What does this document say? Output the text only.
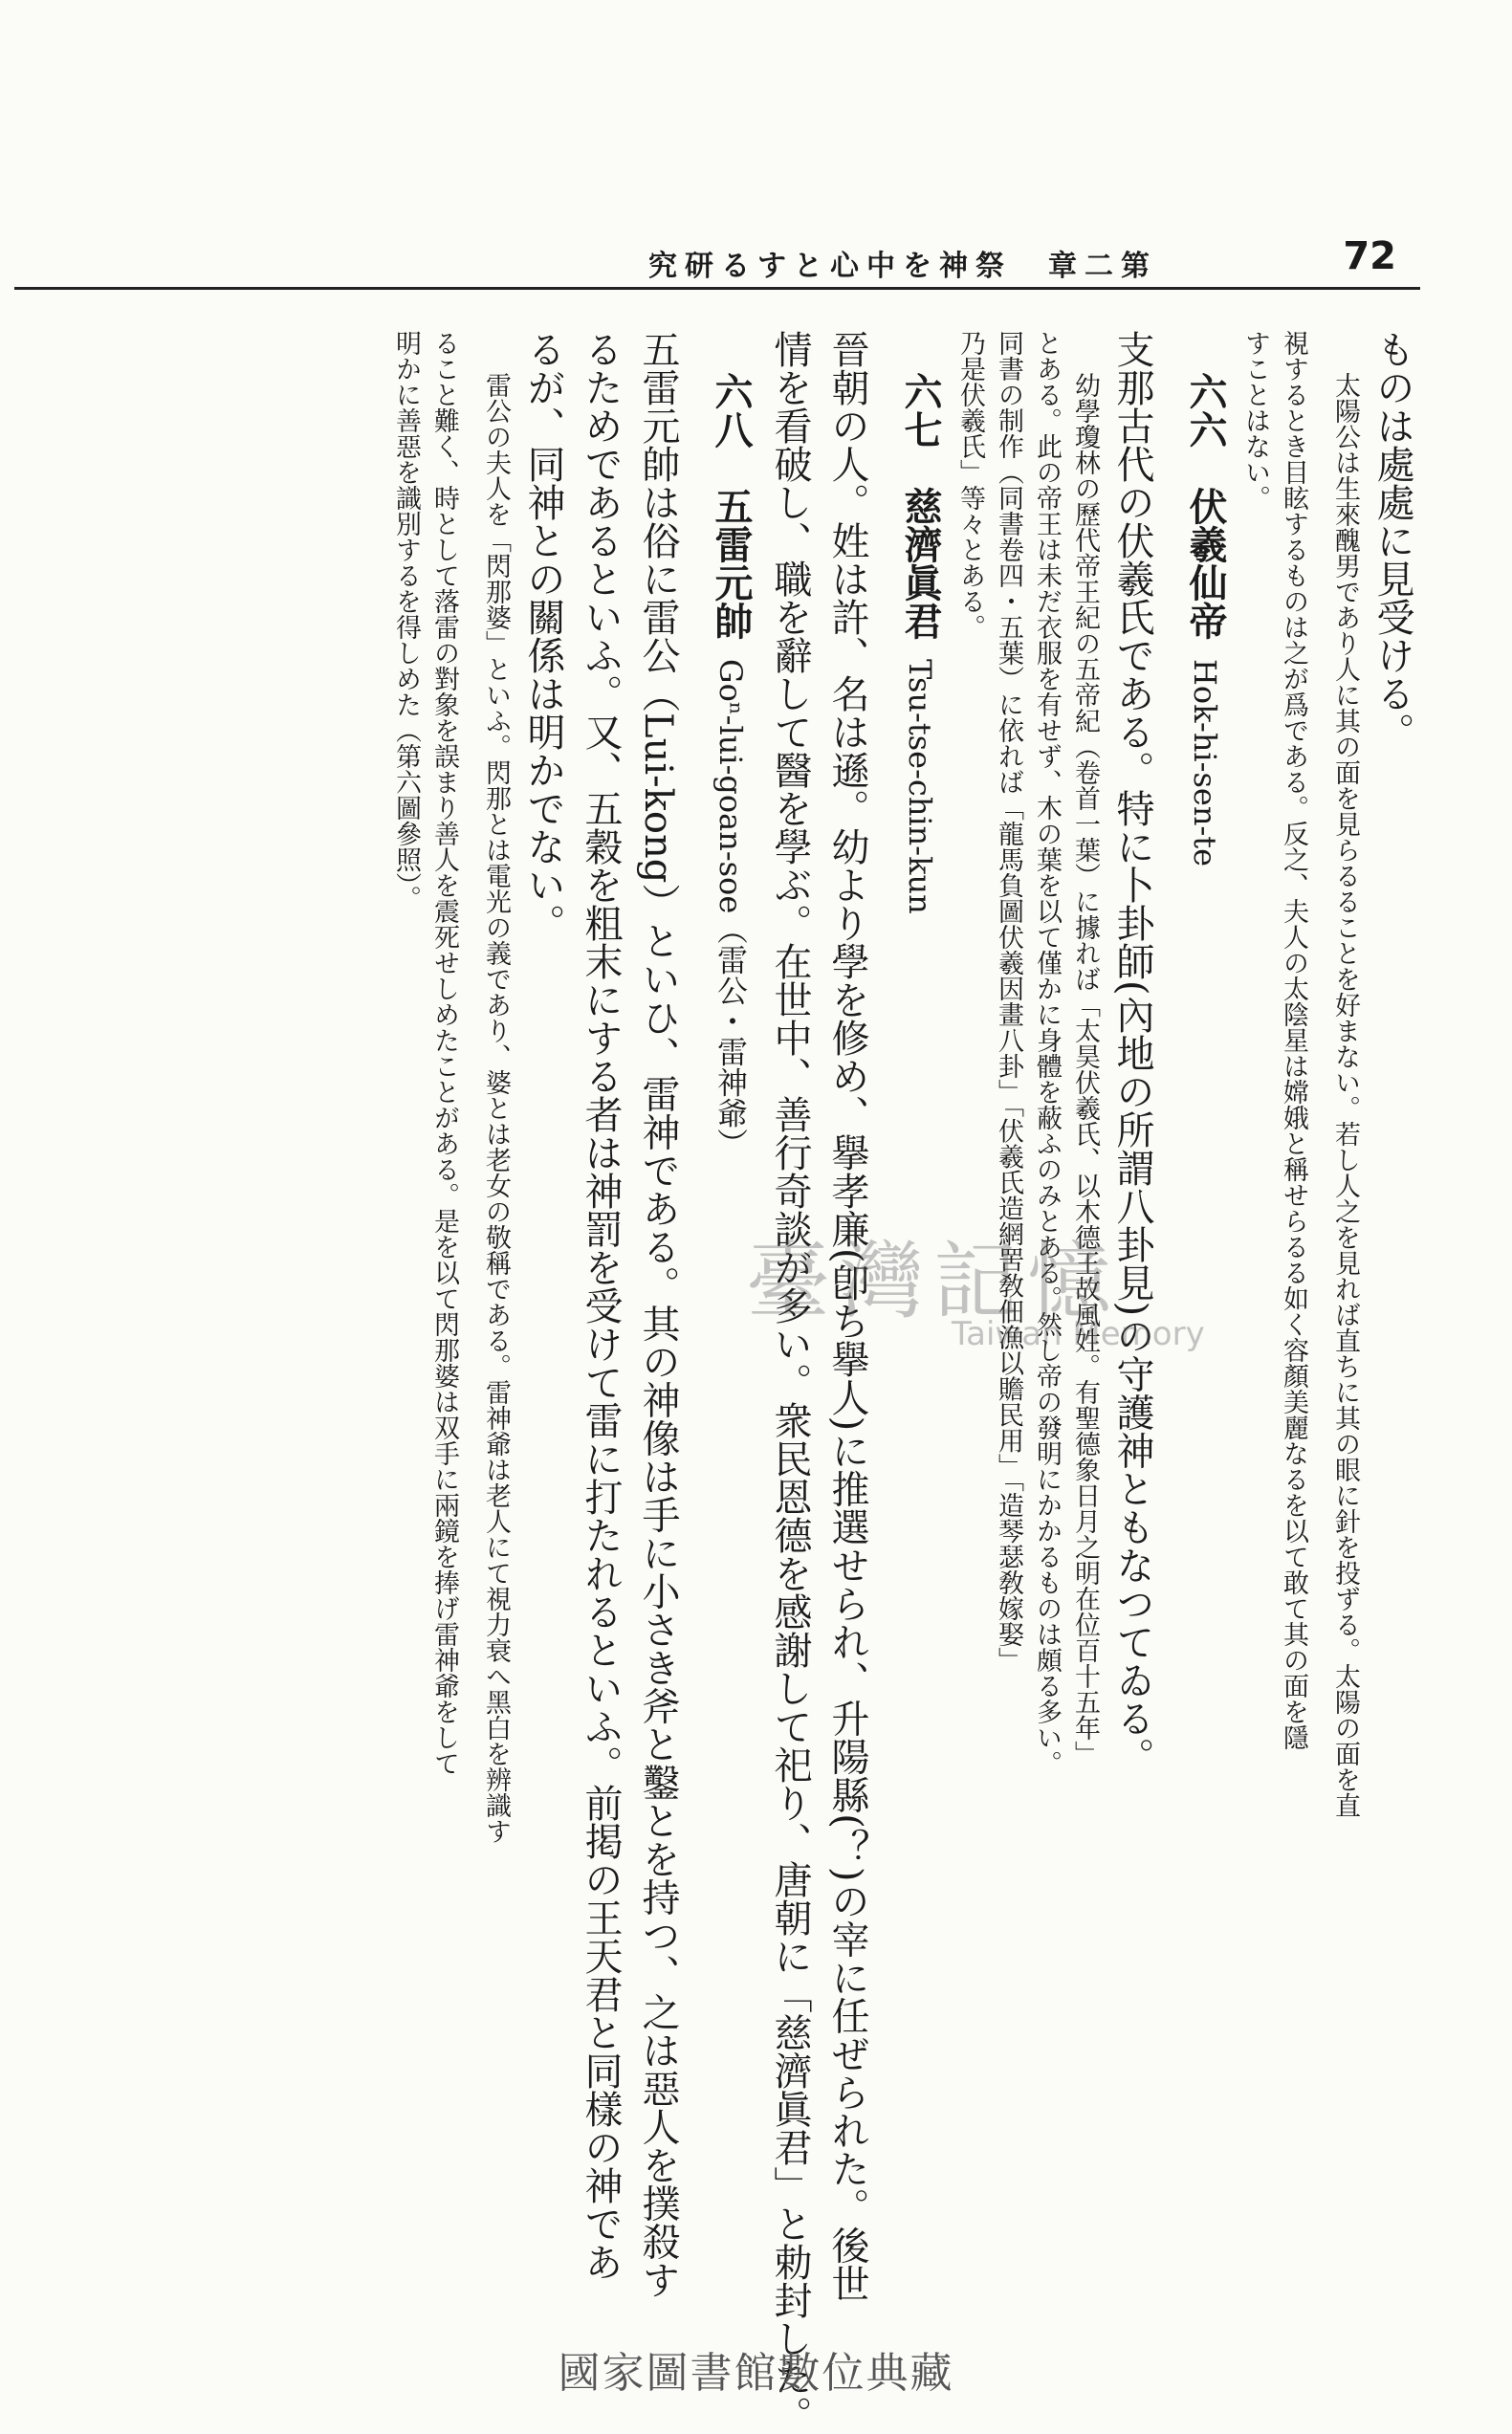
究研るすと心中を神祭　章二第	72

ものは處處に見受ける。

太陽公は生來醜男であり人に其の面を見らるることを好まない。若し人之を見れば直ちに其の眼に針を投ずる。太陽の面を直

視するとき目眩するものは之が爲である。反之、夫人の太陰星は嫦娥と稱せらるる如く容顏美麗なるを以て敢て其の面を隱

すことはない。

六六　伏羲仙帝Hok-hi-sen-te

支那古代の伏羲氏である。特に卜卦師(內地の所謂八卦見)の守護神ともなつてゐる。

幼學瓊林の歷代帝王紀の五帝紀（卷首一葉）に據れば「太昊伏羲氏、以木德王故風姓。有聖德象日月之明在位百十五年」

とある。此の帝王は未だ衣服を有せず、木の葉を以て僅かに身體を蔽ふのみとある。然し帝の發明にかかるものは頗る多い。

同書の制作（同書卷四・五葉）に依れば「龍馬負圖伏羲因畫八卦」「伏羲氏造網罟敎佃漁以贍民用」「造琴瑟敎嫁娶」

乃是伏羲氏」等々とある。

六七　慈濟眞君Tsu-tse-chin-kun

晉朝の人。姓は許、名は遜。幼より學を修め、擧孝廉(卽ち擧人)に推選せられ、升陽縣(？)の宰に任ぜられた。後世

情を看破し、職を辭して醫を學ぶ。在世中、善行奇談が多い。衆民恩德を感謝して祀り、唐朝に「慈濟眞君」と勅封した。

六八　五雷元帥Goⁿ-lui-goan-soe（雷公・雷神爺）

五雷元帥は俗に雷公（Lui-kong）といひ、雷神である。其の神像は手に小さき斧と鑿とを持つ、之は惡人を撲殺す

るためであるといふ。又、五穀を粗末にする者は神罰を受けて雷に打たれるといふ。前掲の王天君と同樣の神であ

るが、同神との關係は明かでない。

雷公の夫人を「閃那婆」といふ。閃那とは電光の義であり、婆とは老女の敬稱である。雷神爺は老人にて視力衰へ黑白を辨識す

ること難く、時として落雷の對象を誤まり善人を震死せしめたことがある。是を以て閃那婆は双手に兩鏡を捧げ雷神爺をして

明かに善惡を識別するを得しめた（第六圖參照）。

臺灣記憶
Taiwan Memory
國家圖書館數位典藏
